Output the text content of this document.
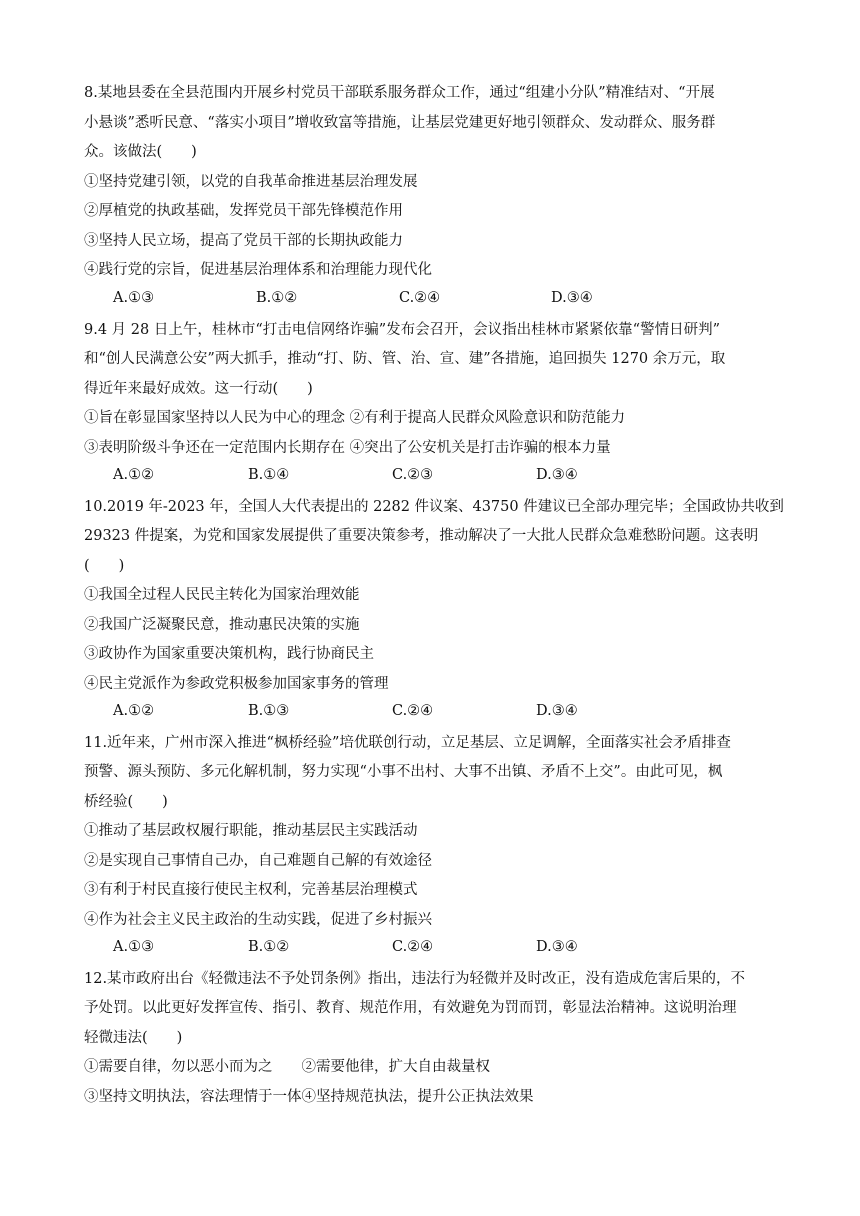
8.某地县委在全县范围内开展乡村党员干部联系服务群众工作，通过“组建小分队”精准结对、“开展
小悬谈”悉听民意、“落实小项目”增收致富等措施，让基层党建更好地引领群众、发动群众、服务群
众。该做法(　　)
①坚持党建引领，以党的自我革命推进基层治理发展
②厚植党的执政基础，发挥党员干部先锋模范作用
③坚持人民立场，提高了党员干部的长期执政能力
④践行党的宗旨，促进基层治理体系和治理能力现代化
A.①③	B.①②	C.②④	D.③④
9.4 月 28 日上午，桂林市“打击电信网络诈骗”发布会召开，会议指出桂林市紧紧依靠“警情日研判”
和“创人民满意公安”两大抓手，推动“打、防、管、治、宣、建”各措施，追回损失 1270 余万元，取
得近年来最好成效。这一行动(　　)
①旨在彰显国家坚持以人民为中心的理念 ②有利于提高人民群众风险意识和防范能力
③表明阶级斗争还在一定范围内长期存在 ④突出了公安机关是打击诈骗的根本力量
A.①②	B.①④	C.②③	D.③④
10.2019 年-2023 年，全国人大代表提出的 2282 件议案、43750 件建议已全部办理完毕；全国政协共收到
29323 件提案，为党和国家发展提供了重要决策参考，推动解决了一大批人民群众急难愁盼问题。这表明
(　　)
①我国全过程人民民主转化为国家治理效能
②我国广泛凝聚民意，推动惠民决策的实施
③政协作为国家重要决策机构，践行协商民主
④民主党派作为参政党积极参加国家事务的管理
A.①②	B.①③	C.②④	D.③④
11.近年来，广州市深入推进“枫桥经验”培优联创行动，立足基层、立足调解，全面落实社会矛盾排查
预警、源头预防、多元化解机制，努力实现“小事不出村、大事不出镇、矛盾不上交”。由此可见，枫
桥经验(　　)
①推动了基层政权履行职能，推动基层民主实践活动
②是实现自己事情自己办，自己难题自己解的有效途径
③有利于村民直接行使民主权利，完善基层治理模式
④作为社会主义民主政治的生动实践，促进了乡村振兴
A.①③	B.①②	C.②④	D.③④
12.某市政府出台《轻微违法不予处罚条例》指出，违法行为轻微并及时改正，没有造成危害后果的，不
予处罚。以此更好发挥宣传、指引、教育、规范作用，有效避免为罚而罚，彰显法治精神。这说明治理
轻微违法(　　)
①需要自律，勿以恶小而为之　　②需要他律，扩大自由裁量权
③坚持文明执法，容法理情于一体④坚持规范执法，提升公正执法效果
